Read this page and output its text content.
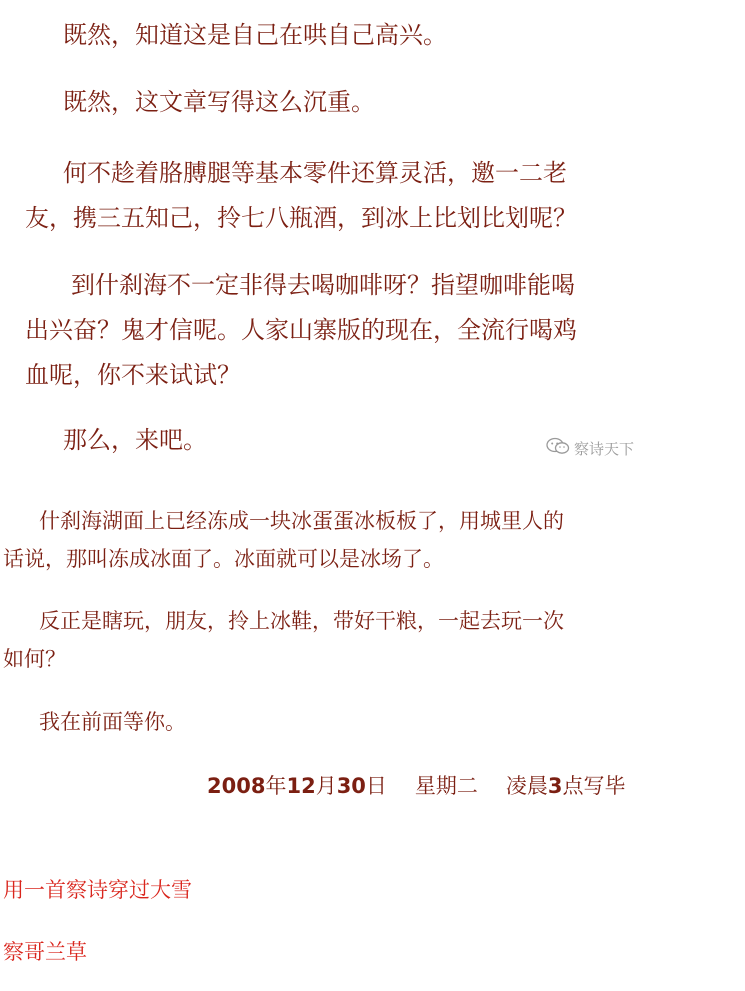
既然，知道这是自己在哄自己高兴。

既然，这文章写得这么沉重。

何不趁着胳膊腿等基本零件还算灵活，邀一二老
友，携三五知己，拎七八瓶酒，到冰上比划比划呢？
到什刹海不一定非得去喝咖啡呀？指望咖啡能喝
出兴奋？鬼才信呢。人家山寨版的现在，全流行喝鸡
血呢，你不来试试？

那么，来吧。	察诗天下
什刹海湖面上已经冻成一块冰蛋蛋冰板板了，用城里人的
话说，那叫冻成冰面了。冰面就可以是冰场了。
反正是瞎玩，朋友，拎上冰鞋，带好干粮，一起去玩一次
如何？

我在前面等你。

2008年12月30日 星期二 凌晨3点写毕
用一首察诗穿过大雪
察哥兰草
